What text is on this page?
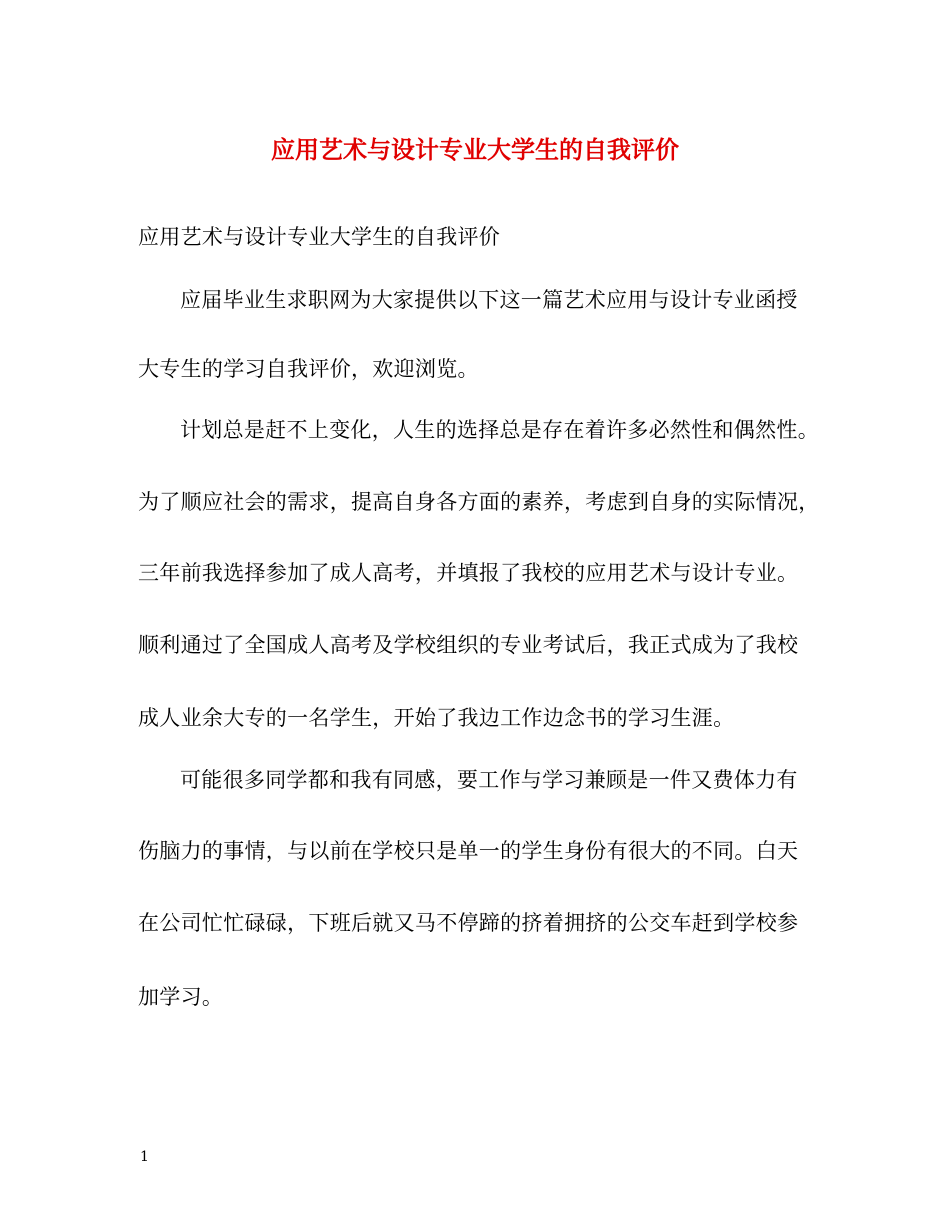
应用艺术与设计专业大学生的自我评价
应用艺术与设计专业大学生的自我评价
应届毕业生求职网为大家提供以下这一篇艺术应用与设计专业函授
大专生的学习自我评价，欢迎浏览。
计划总是赶不上变化，人生的选择总是存在着许多必然性和偶然性。
为了顺应社会的需求，提高自身各方面的素养，考虑到自身的实际情况，
三年前我选择参加了成人高考，并填报了我校的应用艺术与设计专业。
顺利通过了全国成人高考及学校组织的专业考试后，我正式成为了我校
成人业余大专的一名学生，开始了我边工作边念书的学习生涯。
可能很多同学都和我有同感，要工作与学习兼顾是一件又费体力有
伤脑力的事情，与以前在学校只是单一的学生身份有很大的不同。白天
在公司忙忙碌碌，下班后就又马不停蹄的挤着拥挤的公交车赶到学校参
加学习。
1
